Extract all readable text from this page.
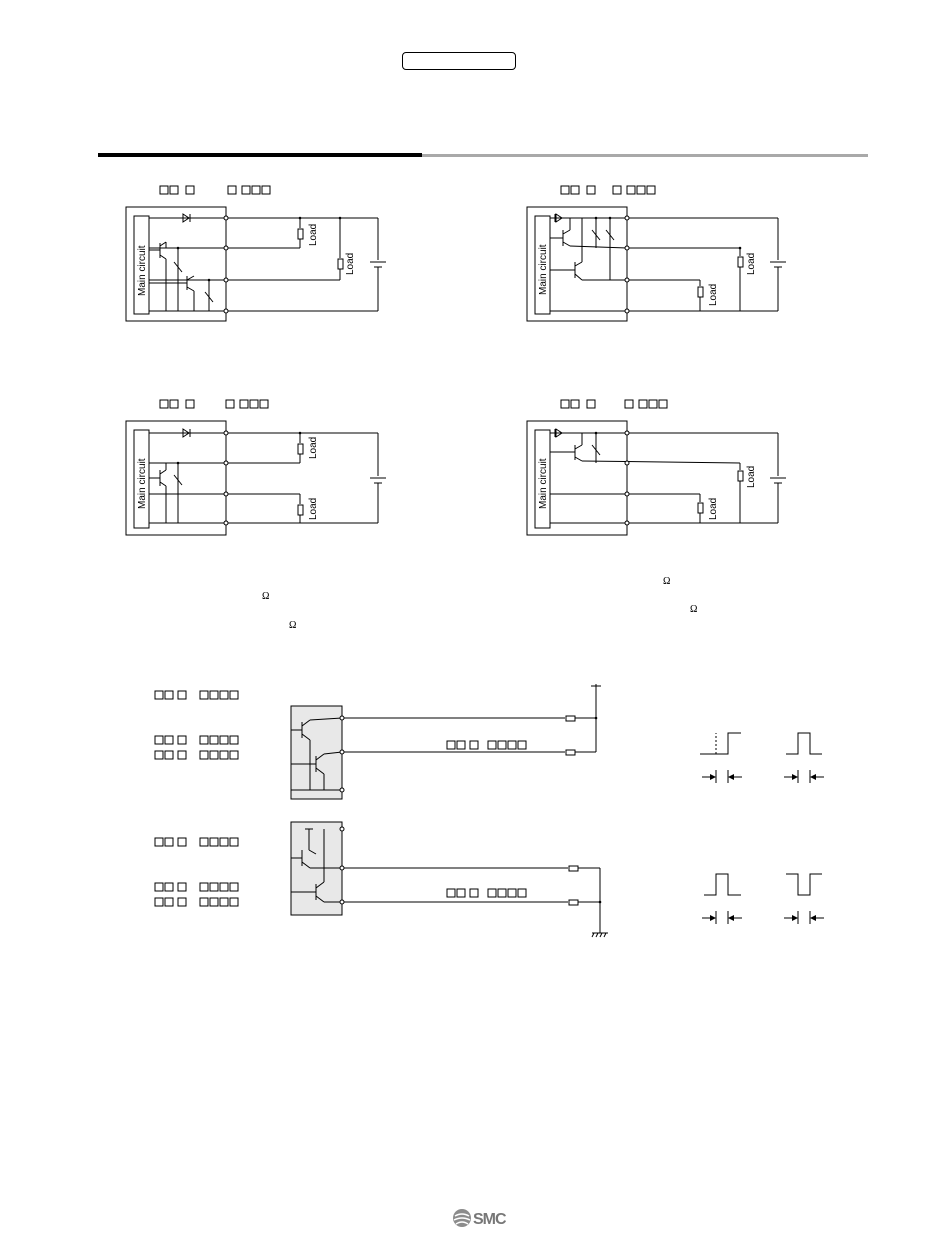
Main circuit	Main circuit
Main circuit	Main circuit
Load
Load	Load
Load
Load
Load
Load
Load
Ω
Ω
Ω
Ω
SMC
